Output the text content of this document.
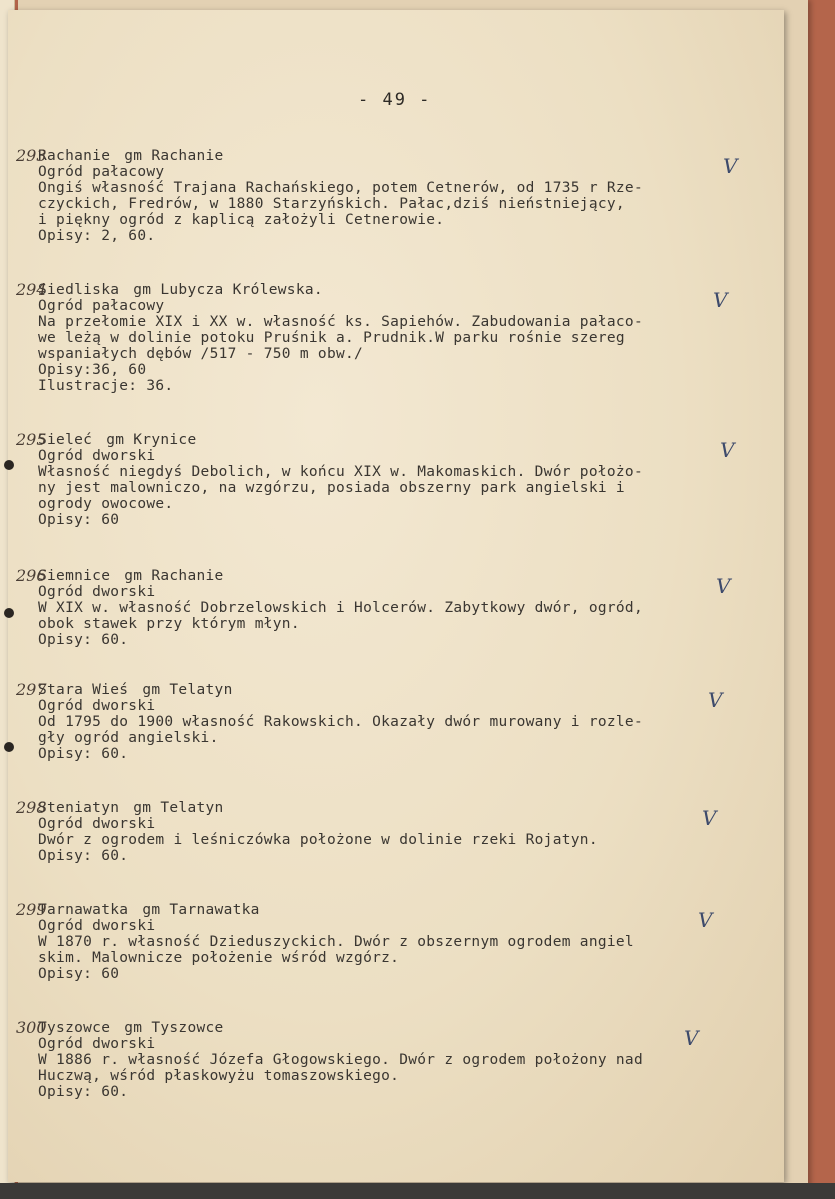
- 49 -
293
Rachanie gm Rachanie
Ogród pałacowy
Ongiś własność Trajana Rachańskiego, potem Cetnerów, od 1735 r Rze-
czyckich, Fredrów, w 1880 Starzyńskich. Pałac,dziś nieństniejący,
i piękny ogród z kaplicą założyli Cetnerowie.
Opisy: 2, 60.
V
294
Siedliska gm Lubycza Królewska.
Ogród pałacowy
Na przełomie XIX i XX w. własność ks. Sapiehów. Zabudowania pałaco-
we leżą w dolinie potoku Pruśnik a. Prudnik.W parku rośnie szereg
wspaniałych dębów /517 - 750 m obw./
Opisy:36, 60
Ilustracje: 36.
V
295
Sieleć gm Krynice
Ogród dworski
Własność niegdyś Debolich, w końcu XIX w. Makomaskich. Dwór położo-
ny jest malowniczo, na wzgórzu, posiada obszerny park angielski i
ogrody owocowe.
Opisy: 60
V
296
Siemnice gm Rachanie
Ogród dworski
W XIX w. własność Dobrzelowskich i Holcerów. Zabytkowy dwór, ogród,
obok stawek przy którym młyn.
Opisy: 60.
V
297
Stara Wieś gm Telatyn
Ogród dworski
Od 1795 do 1900 własność Rakowskich. Okazały dwór murowany i rozle-
gły ogród angielski.
Opisy: 60.
V
298
Steniatyn gm Telatyn
Ogród dworski
Dwór z ogrodem i leśniczówka położone w dolinie rzeki Rojatyn.
Opisy: 60.
V
299
Tarnawatka gm Tarnawatka
Ogród dworski
W 1870 r. własność Dzieduszyckich. Dwór z obszernym ogrodem angiel
skim. Malownicze położenie wśród wzgórz.
Opisy: 60
V
300
Tyszowce gm Tyszowce
Ogród dworski
W 1886 r. własność Józefa Głogowskiego. Dwór z ogrodem położony nad
Huczwą, wśród płaskowyżu tomaszowskiego.
Opisy: 60.
V
